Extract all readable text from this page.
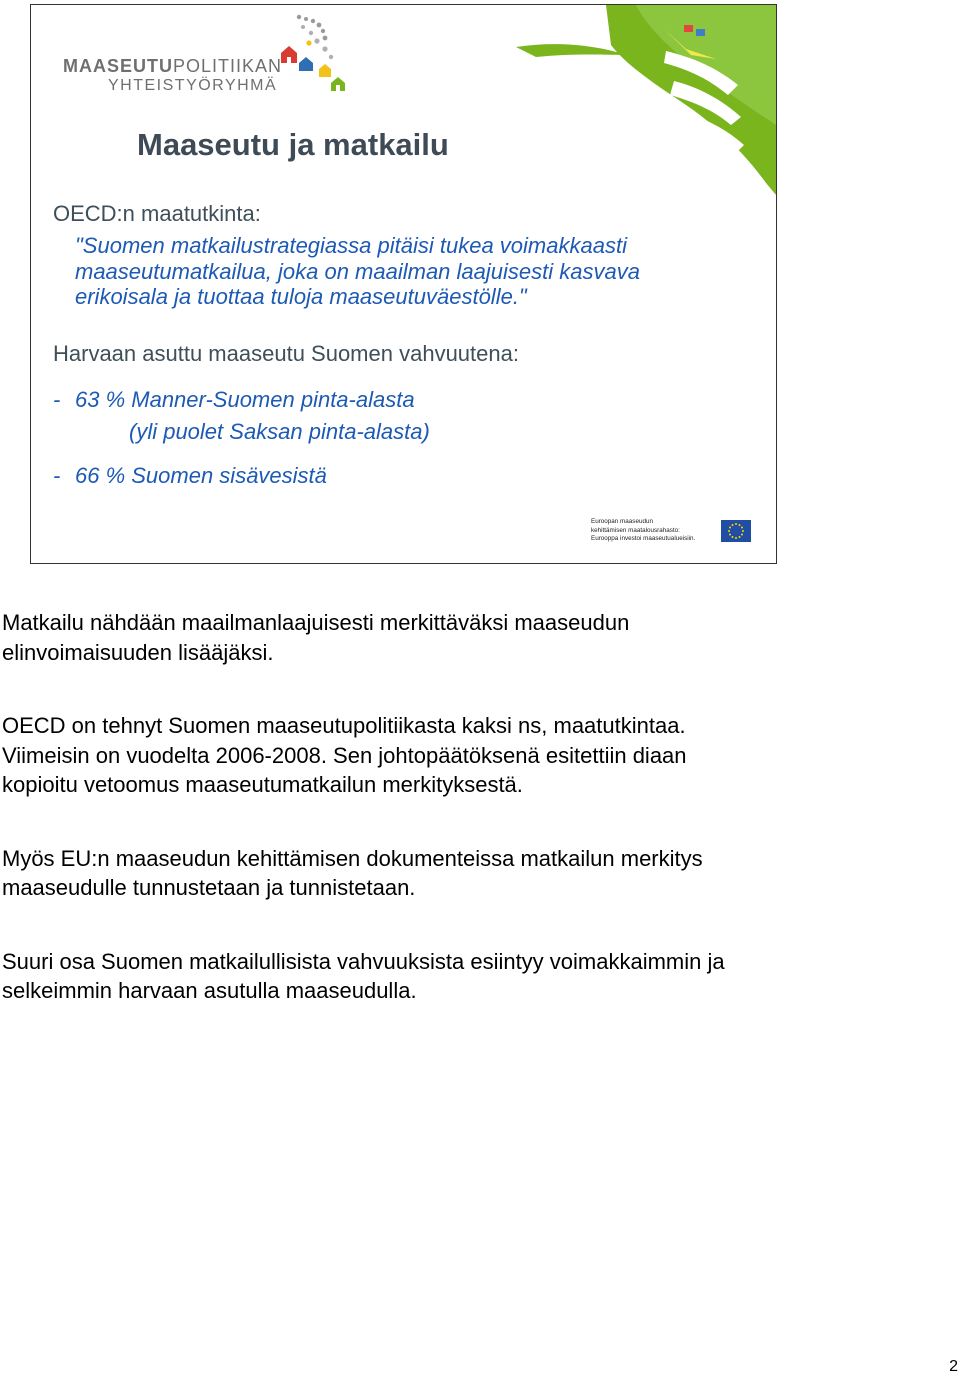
MAASEUTUPOLITIIKAN
YHTEISTYÖRYHMÄ
Maaseutu ja matkailu
OECD:n maatutkinta:
"Suomen matkailustrategiassa pitäisi tukea voimakkaasti
maaseutumatkailua, joka on maailman laajuisesti kasvava
erikoisala ja tuottaa tuloja maaseutuväestölle."
Harvaan asuttu maaseutu Suomen vahvuutena:
- 63 % Manner-Suomen pinta-alasta
(yli puolet Saksan pinta-alasta)
- 66 % Suomen sisävesistä
Euroopan maaseudun
kehittämisen maatalousrahasto:
Eurooppa investoi maaseutualueisiin.

Matkailu nähdään maailmanlaajuisesti merkittäväksi maaseudun
elinvoimaisuuden lisääjäksi.

OECD on tehnyt Suomen maaseutupolitiikasta kaksi ns, maatutkintaa.
Viimeisin on vuodelta 2006-2008. Sen johtopäätöksenä esitettiin diaan
kopioitu vetoomus maaseutumatkailun merkityksestä.

Myös EU:n maaseudun kehittämisen dokumenteissa matkailun merkitys
maaseudulle tunnustetaan ja tunnistetaan.

Suuri osa Suomen matkailullisista vahvuuksista esiintyy voimakkaimmin ja
selkeimmin harvaan asutulla maaseudulla.

2
